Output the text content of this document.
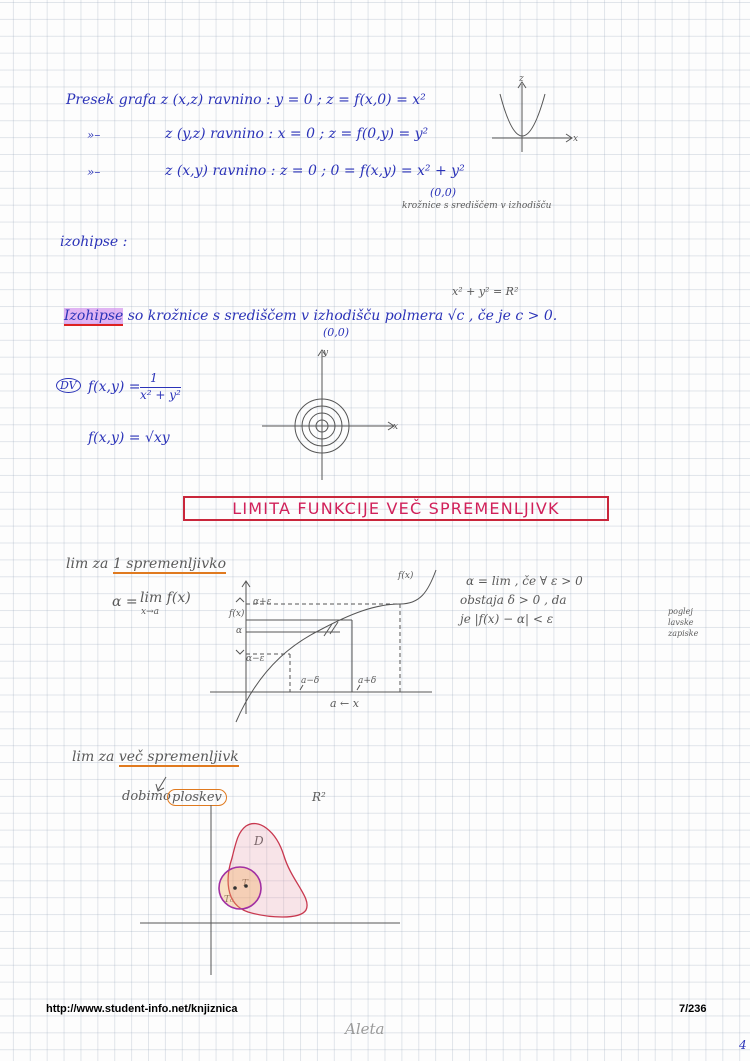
Presek grafa z (x,z) ravnino : y = 0 ; z = f(x,0) = x²
»–	z (y,z) ravnino : x = 0 ; z = f(0,y) = y²
»–	z (x,y) ravnino : z = 0 ; 0 = f(x,y) = x² + y²
(0,0)
krožnice s središčem v izhodišču
izohipse :
x² + y² = R²
Izohipse so krožnice s središčem v izhodišču polmera √c , če je c > 0.
(0,0)
DV f(x,y) =
1
x² + y²
f(x,y) = √xy
LIMITA FUNKCIJE VEČ SPREMENLJIVK
lim za 1 spremenljivko
α = lim f(x)
x→a
α = lim , če ∀ ε > 0
obstaja δ > 0 , da
je |f(x) − α| < ε
poglej lavske zapiske
f(x)
f(x)
α+ε
α
α−ε
a−δ	a+δ
a ← x
lim za več spremenljivk
dobimo ploskev	R²
z
x
y
x
http://www.student-info.net/knjiznica	7/236
Aleta
4
